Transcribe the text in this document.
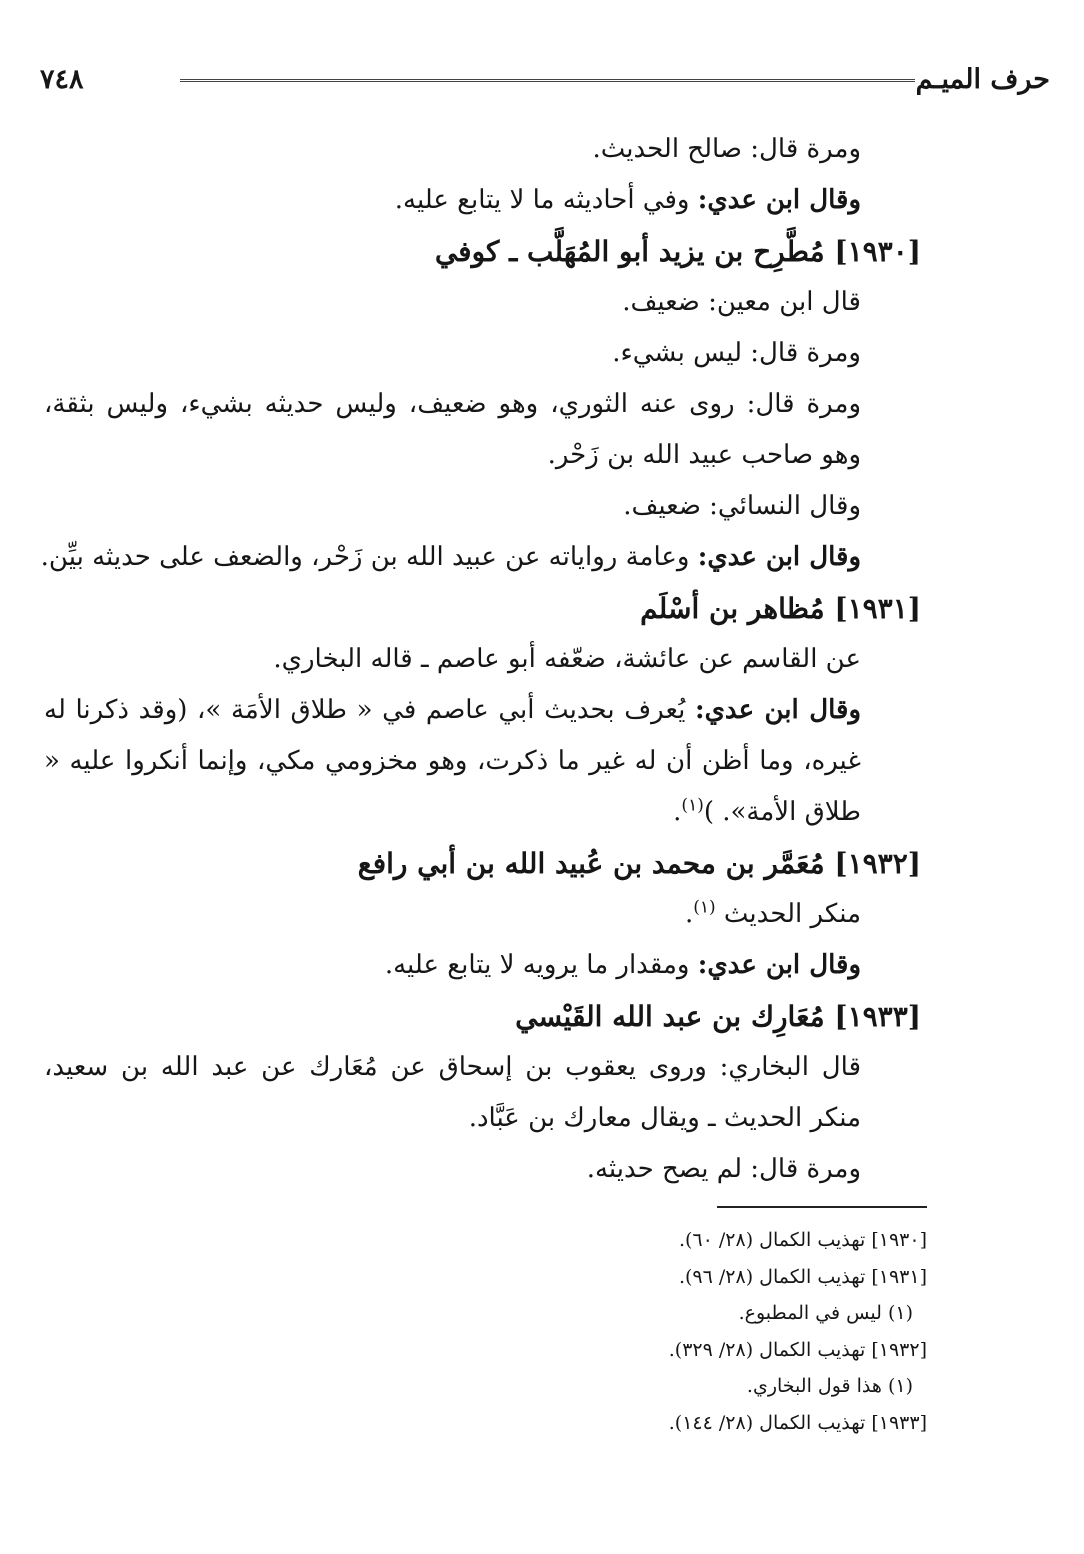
حرف الميـم
٧٤٨

ومرة قال: صالح الحديث.

وقال ابن عدي: وفي أحاديثه ما لا يتابع عليه.

[١٩٣٠] مُطَّرِح بن يزيد أبو المُهَلَّب ـ كوفي

قال ابن معين: ضعيف.

ومرة قال: ليس بشيء.

ومرة قال: روى عنه الثوري، وهو ضعيف، وليس حديثه بشيء، وليس بثقة، وهو صاحب عبيد الله بن زَحْر.

وقال النسائي: ضعيف.

وقال ابن عدي: وعامة رواياته عن عبيد الله بن زَحْر، والضعف على حديثه بيِّن.

[١٩٣١] مُظاهر بن أسْلَم

عن القاسم عن عائشة، ضعّفه أبو عاصم ـ قاله البخاري.

وقال ابن عدي: يُعرف بحديث أبي عاصم في « طلاق الأمَة »، (وقد ذكرنا له غيره، وما أظن أن له غير ما ذكرت، وهو مخزومي مكي، وإنما أنكروا عليه « طلاق الأمة». )$^{(١)}$.

[١٩٣٢] مُعَمَّر بن محمد بن عُبيد الله بن أبي رافع

منكر الحديث $^{(١)}$.

وقال ابن عدي: ومقدار ما يرويه لا يتابع عليه.

[١٩٣٣] مُعَارِك بن عبد الله القَيْسي

قال البخاري: وروى يعقوب بن إسحاق عن مُعَارك عن عبد الله بن سعيد، منكر الحديث ـ ويقال معارك بن عَبَّاد.

ومرة قال: لم يصح حديثه.

[١٩٣٠] تهذيب الكمال (٢٨/ ٦٠).

[١٩٣١] تهذيب الكمال (٢٨/ ٩٦).

(١) ليس في المطبوع.

[١٩٣٢] تهذيب الكمال (٢٨/ ٣٢٩).

(١) هذا قول البخاري.

[١٩٣٣] تهذيب الكمال (٢٨/ ١٤٤).
